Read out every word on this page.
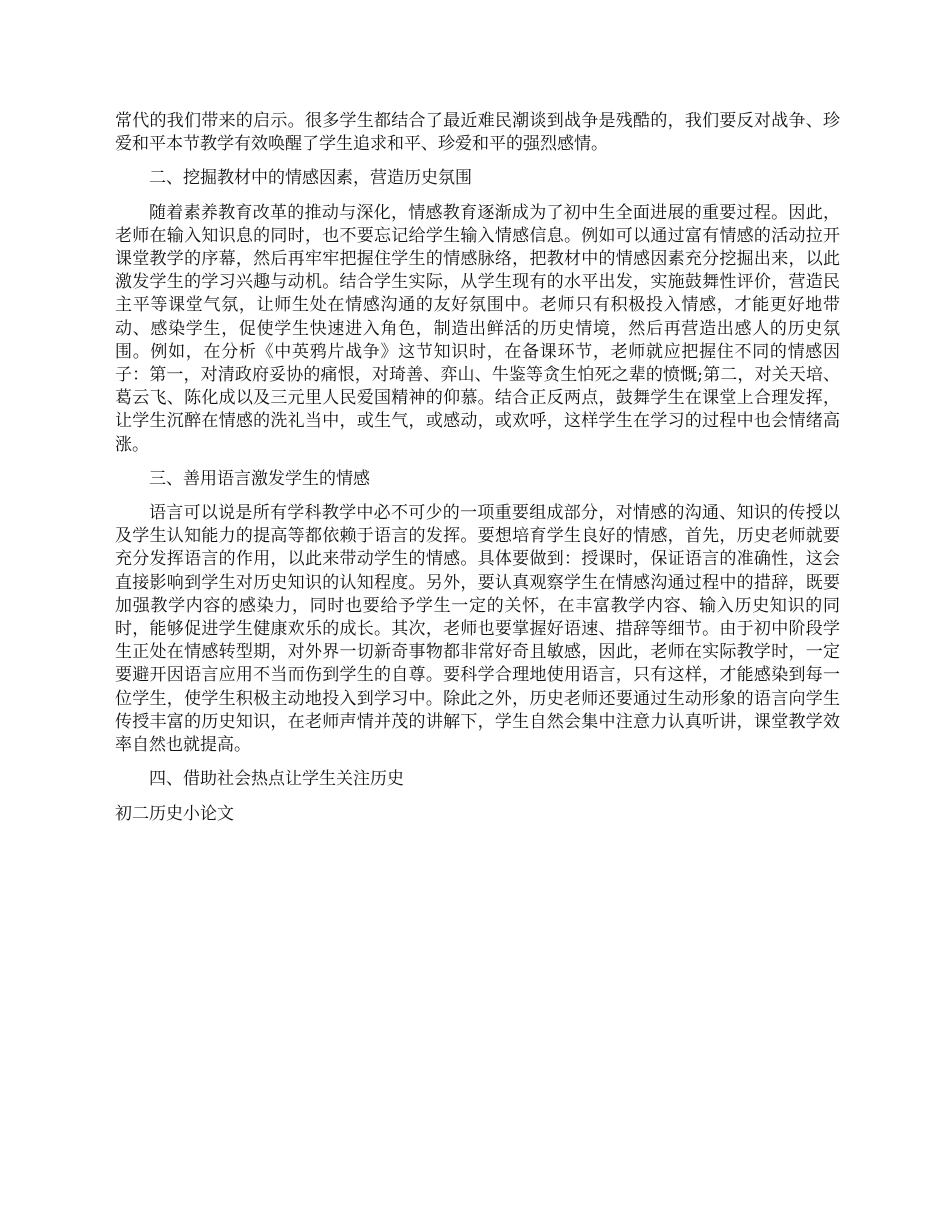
常代的我们带来的启示。很多学生都结合了最近难民潮谈到战争是残酷的，我们要反对战争、珍爱和平本节教学有效唤醒了学生追求和平、珍爱和平的强烈感情。

二、挖掘教材中的情感因素，营造历史氛围

随着素养教育改革的推动与深化，情感教育逐渐成为了初中生全面进展的重要过程。因此，老师在输入知识息的同时，也不要忘记给学生输入情感信息。例如可以通过富有情感的活动拉开课堂教学的序幕，然后再牢牢把握住学生的情感脉络，把教材中的情感因素充分挖掘出来，以此激发学生的学习兴趣与动机。结合学生实际，从学生现有的水平出发，实施鼓舞性评价，营造民主平等课堂气氛，让师生处在情感沟通的友好氛围中。老师只有积极投入情感，才能更好地带动、感染学生，促使学生快速进入角色，制造出鲜活的历史情境，然后再营造出感人的历史氛围。例如，在分析《中英鸦片战争》这节知识时，在备课环节，老师就应把握住不同的情感因子：第一，对清政府妥协的痛恨，对琦善、弈山、牛鉴等贪生怕死之辈的愤慨;第二，对关天培、葛云飞、陈化成以及三元里人民爱国精神的仰慕。结合正反两点，鼓舞学生在课堂上合理发挥，让学生沉醉在情感的洗礼当中，或生气，或感动，或欢呼，这样学生在学习的过程中也会情绪高涨。

三、善用语言激发学生的情感

语言可以说是所有学科教学中必不可少的一项重要组成部分，对情感的沟通、知识的传授以及学生认知能力的提高等都依赖于语言的发挥。要想培育学生良好的情感，首先，历史老师就要充分发挥语言的作用，以此来带动学生的情感。具体要做到：授课时，保证语言的准确性，这会直接影响到学生对历史知识的认知程度。另外，要认真观察学生在情感沟通过程中的措辞，既要加强教学内容的感染力，同时也要给予学生一定的关怀，在丰富教学内容、输入历史知识的同时，能够促进学生健康欢乐的成长。其次，老师也要掌握好语速、措辞等细节。由于初中阶段学生正处在情感转型期，对外界一切新奇事物都非常好奇且敏感，因此，老师在实际教学时，一定要避开因语言应用不当而伤到学生的自尊。要科学合理地使用语言，只有这样，才能感染到每一位学生，使学生积极主动地投入到学习中。除此之外，历史老师还要通过生动形象的语言向学生传授丰富的历史知识，在老师声情并茂的讲解下，学生自然会集中注意力认真听讲，课堂教学效率自然也就提高。

四、借助社会热点让学生关注历史

初二历史小论文
